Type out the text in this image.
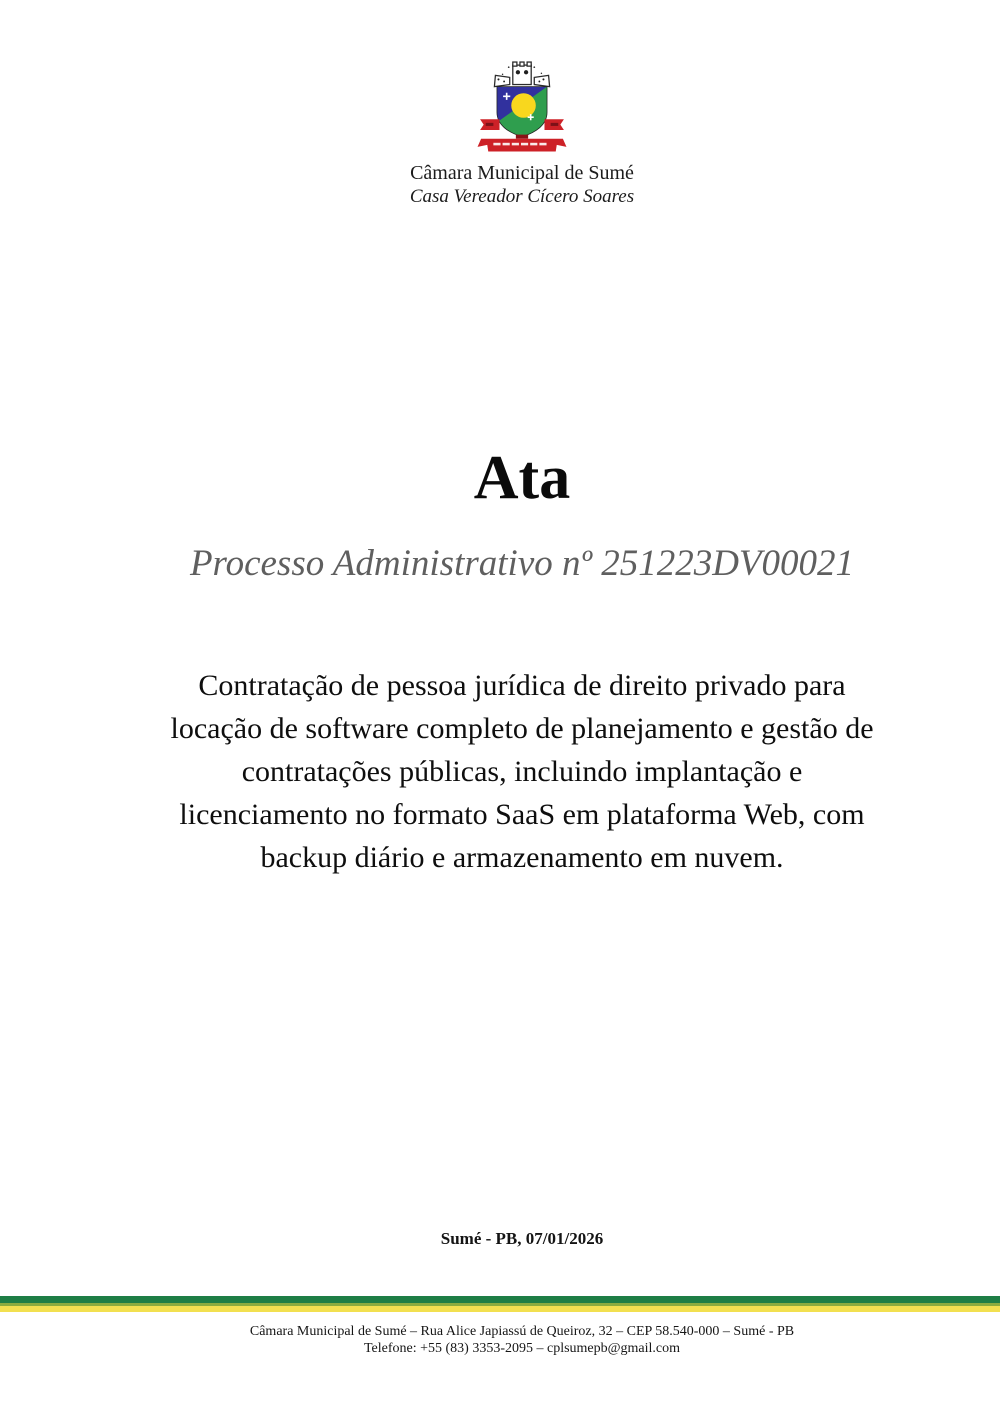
Câmara Municipal de Sumé
Casa Vereador Cícero Soares
Ata
Processo Administrativo nº 251223DV00021
Contratação de pessoa jurídica de direito privado para
locação de software completo de planejamento e gestão de
contratações públicas, incluindo implantação e
licenciamento no formato SaaS em plataforma Web, com
backup diário e armazenamento em nuvem.
Sumé - PB, 07/01/2026
Câmara Municipal de Sumé – Rua Alice Japiassú de Queiroz, 32 – CEP 58.540-000 – Sumé - PB
Telefone: +55 (83) 3353-2095 – cplsumepb@gmail.com
